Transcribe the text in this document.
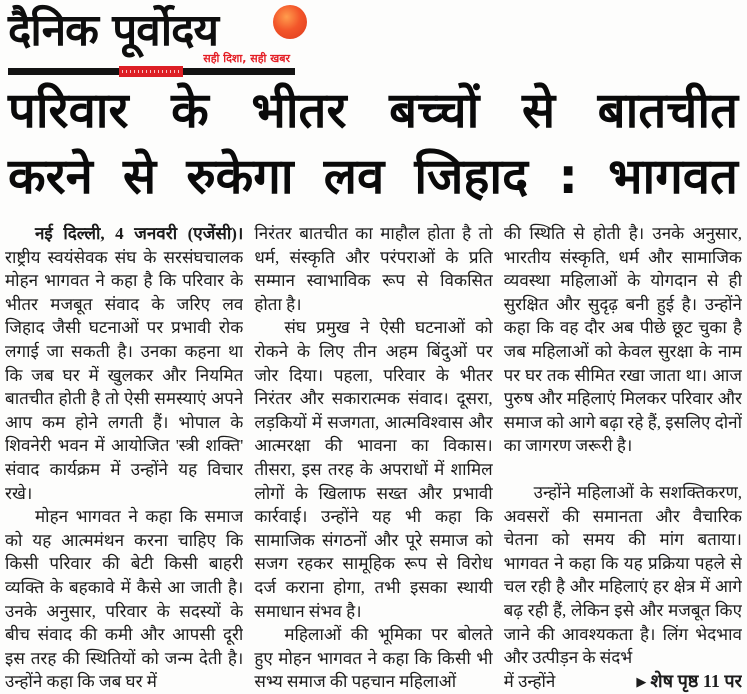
दैनिक पूर्वोदय
सही दिशा, सही खबर
परिवार के भीतर बच्चों से बातचीत
करने से रुकेगा लव जिहाद : भागवत

नई दिल्ली, 4 जनवरी (एजेंसी)। राष्ट्रीय स्वयंसेवक संघ के सरसंघचालक मोहन भागवत ने कहा है कि परिवार के भीतर मजबूत संवाद के जरिए लव जिहाद जैसी घटनाओं पर प्रभावी रोक लगाई जा सकती है। उनका कहना था कि जब घर में खुलकर और नियमित बातचीत होती है तो ऐसी समस्याएं अपने आप कम होने लगती हैं। भोपाल के शिवनेरी भवन में आयोजित 'स्त्री शक्ति' संवाद कार्यक्रम में उन्होंने यह विचार रखे।

मोहन भागवत ने कहा कि समाज को यह आत्ममंथन करना चाहिए कि किसी परिवार की बेटी किसी बाहरी व्यक्ति के बहकावे में कैसे आ जाती है। उनके अनुसार, परिवार के सदस्यों के बीच संवाद की कमी और आपसी दूरी इस तरह की स्थितियों को जन्म देती है। उन्होंने कहा कि जब घर में

निरंतर बातचीत का माहौल होता है तो धर्म, संस्कृति और परंपराओं के प्रति सम्मान स्वाभाविक रूप से विकसित होता है।

संघ प्रमुख ने ऐसी घटनाओं को रोकने के लिए तीन अहम बिंदुओं पर जोर दिया। पहला, परिवार के भीतर निरंतर और सकारात्मक संवाद। दूसरा, लड़कियों में सजगता, आत्मविश्वास और आत्मरक्षा की भावना का विकास। तीसरा, इस तरह के अपराधों में शामिल लोगों के खिलाफ सख्त और प्रभावी कार्रवाई। उन्होंने यह भी कहा कि सामाजिक संगठनों और पूरे समाज को सजग रहकर सामूहिक रूप से विरोध दर्ज कराना होगा, तभी इसका स्थायी समाधान संभव है।

महिलाओं की भूमिका पर बोलते हुए मोहन भागवत ने कहा कि किसी भी सभ्य समाज की पहचान महिलाओं

की स्थिति से होती है। उनके अनुसार, भारतीय संस्कृति, धर्म और सामाजिक व्यवस्था महिलाओं के योगदान से ही सुरक्षित और सुदृढ़ बनी हुई है। उन्होंने कहा कि वह दौर अब पीछे छूट चुका है जब महिलाओं को केवल सुरक्षा के नाम पर घर तक सीमित रखा जाता था। आज पुरुष और महिलाएं मिलकर परिवार और समाज को आगे बढ़ा रहे हैं, इसलिए दोनों का जागरण जरूरी है।

उन्होंने महिलाओं के सशक्तिकरण, अवसरों की समानता और वैचारिक चेतना को समय की मांग बताया। भागवत ने कहा कि यह प्रक्रिया पहले से चल रही है और महिलाएं हर क्षेत्र में आगे बढ़ रही हैं, लेकिन इसे और मजबूत किए जाने की आवश्यकता है। लिंग भेदभाव और उत्पीड़न के संदर्भ

में उन्होंने	▶ शेष पृष्ठ 11 पर
